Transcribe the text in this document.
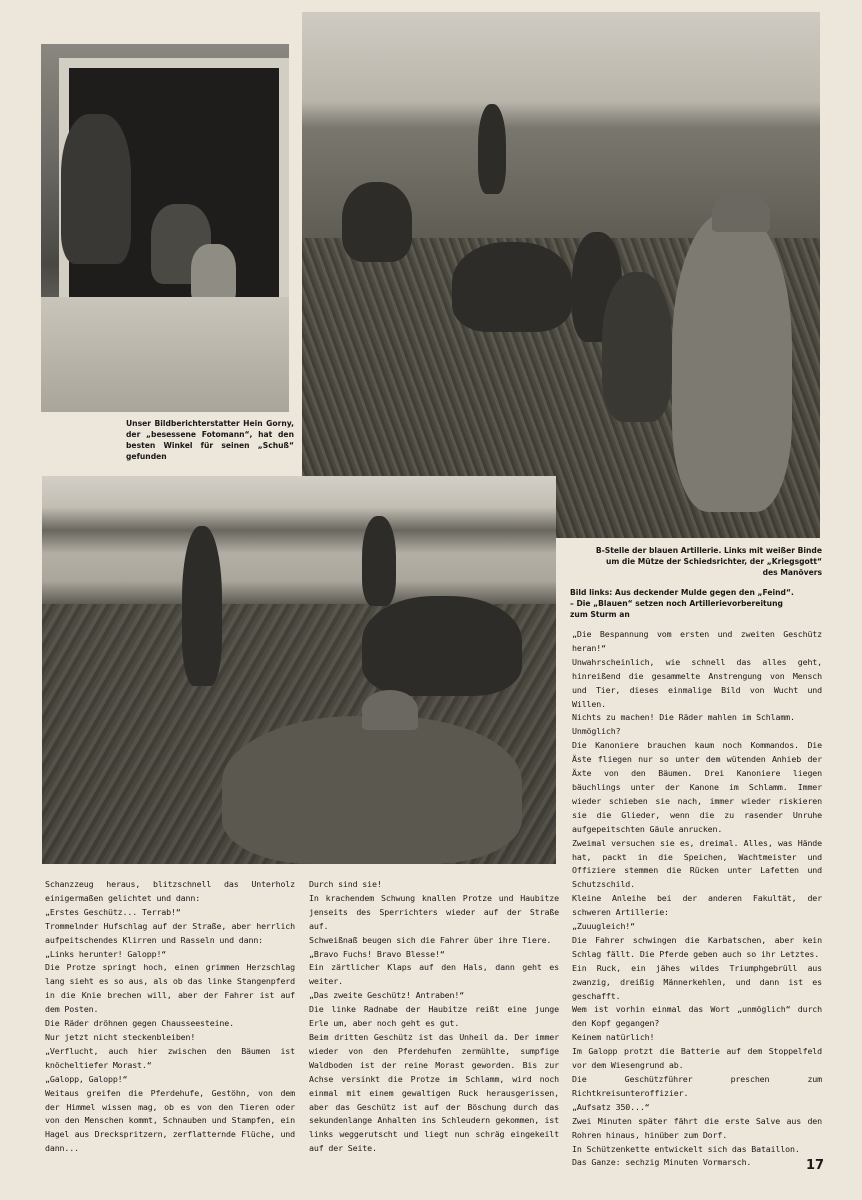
Unser Bildberichterstatter Hein Gorny, der „besessene Fotomann“, hat den besten Winkel für seinen „Schuß“ gefunden
B-Stelle der blauen Artillerie. Links mit weißer Binde um die Mütze der Schiedsrichter, der „Kriegsgott“ des Manövers
Bild links: Aus deckender Mulde gegen den „Feind“. – Die „Blauen“ setzen noch Artillerievorbereitung zum Sturm an

Schanzzeug heraus, blitzschnell das Unterholz einigermaßen gelichtet und dann:

„Erstes Geschütz... Terrab!“

Trommelnder Hufschlag auf der Straße, aber herrlich aufpeitschendes Klirren und Rasseln und dann:

„Links herunter! Galopp!“

Die Protze springt hoch, einen grimmen Herzschlag lang sieht es so aus, als ob das linke Stangenpferd in die Knie brechen will, aber der Fahrer ist auf dem Posten.

Die Räder dröhnen gegen Chausseesteine.

Nur jetzt nicht steckenbleiben!

„Verflucht, auch hier zwischen den Bäumen ist knöcheltiefer Morast.“

„Galopp, Galopp!“

Weitaus greifen die Pferdehufe, Gestöhn, von dem der Himmel wissen mag, ob es von den Tieren oder von den Menschen kommt, Schnauben und Stampfen, ein Hagel aus Dreckspritzern, zerflatternde Flüche, und dann...

Durch sind sie!

In krachendem Schwung knallen Protze und Haubitze jenseits des Sperrichters wieder auf der Straße auf.

Schweißnaß beugen sich die Fahrer über ihre Tiere.

„Bravo Fuchs! Bravo Blesse!“

Ein zärtlicher Klaps auf den Hals, dann geht es weiter.

„Das zweite Geschütz! Antraben!“

Die linke Radnabe der Haubitze reißt eine junge Erle um, aber noch geht es gut.

Beim dritten Geschütz ist das Unheil da. Der immer wieder von den Pferdehufen zermühlte, sumpfige Waldboden ist der reine Morast geworden. Bis zur Achse versinkt die Protze im Schlamm, wird noch einmal mit einem gewaltigen Ruck herausgerissen, aber das Geschütz ist auf der Böschung durch das sekundenlange Anhalten ins Schleudern gekommen, ist links weggerutscht und liegt nun schräg eingekeilt auf der Seite.

„Die Bespannung vom ersten und zweiten Geschütz heran!“

Unwahrscheinlich, wie schnell das alles geht, hinreißend die gesammelte Anstrengung von Mensch und Tier, dieses einmalige Bild von Wucht und Willen.

Nichts zu machen! Die Räder mahlen im Schlamm.

Unmöglich?

Die Kanoniere brauchen kaum noch Kommandos. Die Äste fliegen nur so unter dem wütenden Anhieb der Äxte von den Bäumen. Drei Kanoniere liegen bäuchlings unter der Kanone im Schlamm. Immer wieder schieben sie nach, immer wieder riskieren sie die Glieder, wenn die zu rasender Unruhe aufgepeitschten Gäule anrucken.

Zweimal versuchen sie es, dreimal. Alles, was Hände hat, packt in die Speichen, Wachtmeister und Offiziere stemmen die Rücken unter Lafetten und Schutzschild.

Kleine Anleihe bei der anderen Fakultät, der schweren Artillerie:

„Zuuugleich!“

Die Fahrer schwingen die Karbatschen, aber kein Schlag fällt. Die Pferde geben auch so ihr Letztes.

Ein Ruck, ein jähes wildes Triumphgebrüll aus zwanzig, dreißig Männerkehlen, und dann ist es geschafft.

Wem ist vorhin einmal das Wort „unmöglich“ durch den Kopf gegangen?

Keinem natürlich!

Im Galopp protzt die Batterie auf dem Stoppelfeld vor dem Wiesengrund ab.

Die Geschützführer preschen zum Richtkreisunteroffizier.

„Aufsatz 350...“

Zwei Minuten später fährt die erste Salve aus den Rohren hinaus, hinüber zum Dorf.

In Schützenkette entwickelt sich das Bataillon.

Das Ganze: sechzig Minuten Vormarsch.	17
